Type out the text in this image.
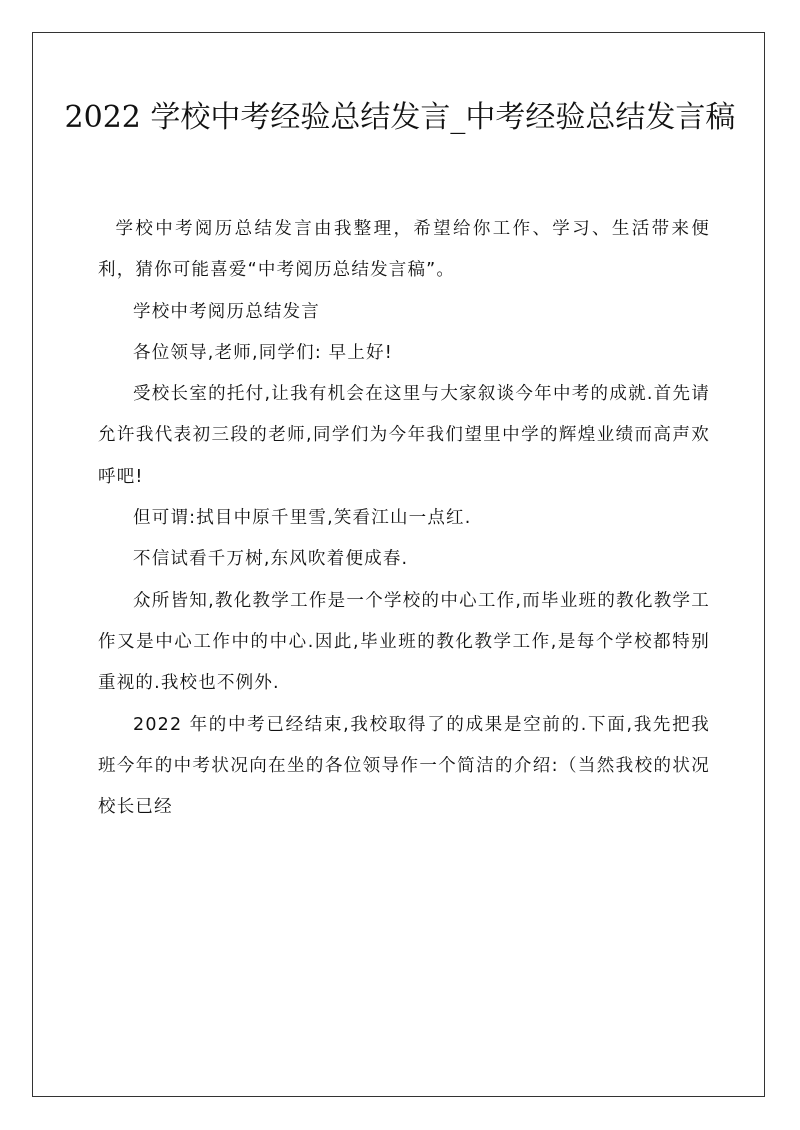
2022 学校中考经验总结发言_中考经验总结发言稿

学校中考阅历总结发言由我整理，希望给你工作、学习、生活带来便利，猜你可能喜爱“中考阅历总结发言稿”。

学校中考阅历总结发言

各位领导,老师,同学们: 早上好!

受校长室的托付,让我有机会在这里与大家叙谈今年中考的成就.首先请允许我代表初三段的老师,同学们为今年我们望里中学的辉煌业绩而高声欢呼吧!

但可谓:拭目中原千里雪,笑看江山一点红.

不信试看千万树,东风吹着便成春.

众所皆知,教化教学工作是一个学校的中心工作,而毕业班的教化教学工作又是中心工作中的中心.因此,毕业班的教化教学工作,是每个学校都特别重视的.我校也不例外.

2022 年的中考已经结束,我校取得了的成果是空前的.下面,我先把我班今年的中考状况向在坐的各位领导作一个简洁的介绍:（当然我校的状况校长已经
